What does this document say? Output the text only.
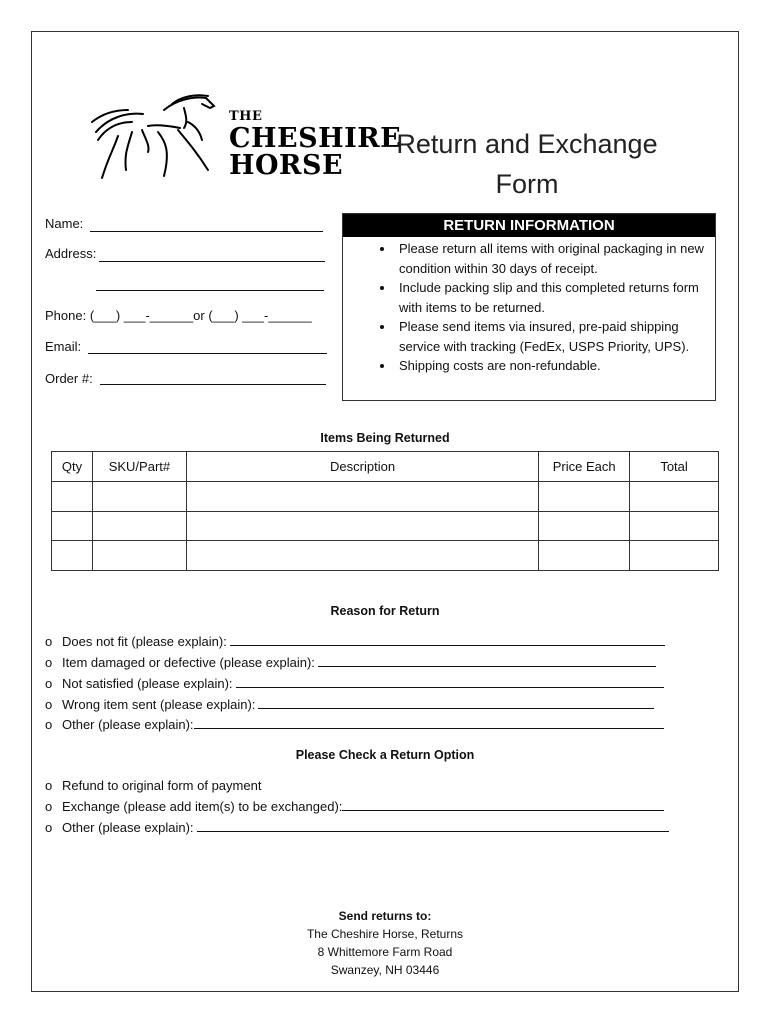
THE
CHESHIRE
HORSE
Return and Exchange
Form
Name:
Address:
Phone: (___) ___-______or (___) ___-______
Email:
Order #:
RETURN INFORMATION
• Please return all items with original packaging in new condition within 30 days of receipt.
• Include packing slip and this completed returns form with items to be returned.
• Please send items via insured, pre-paid shipping service with tracking (FedEx, USPS Priority, UPS).
• Shipping costs are non-refundable.
Items Being Returned
Qty	SKU/Part#	Description	Price Each	Total

Reason for Return
o Does not fit (please explain):
o Item damaged or defective (please explain):
o Not satisfied (please explain):
o Wrong item sent (please explain):
o Other (please explain):
Please Check a Return Option
o Refund to original form of payment
o Exchange (please add item(s) to be exchanged):
o Other (please explain):
Send returns to:
The Cheshire Horse, Returns
8 Whittemore Farm Road
Swanzey, NH 03446
